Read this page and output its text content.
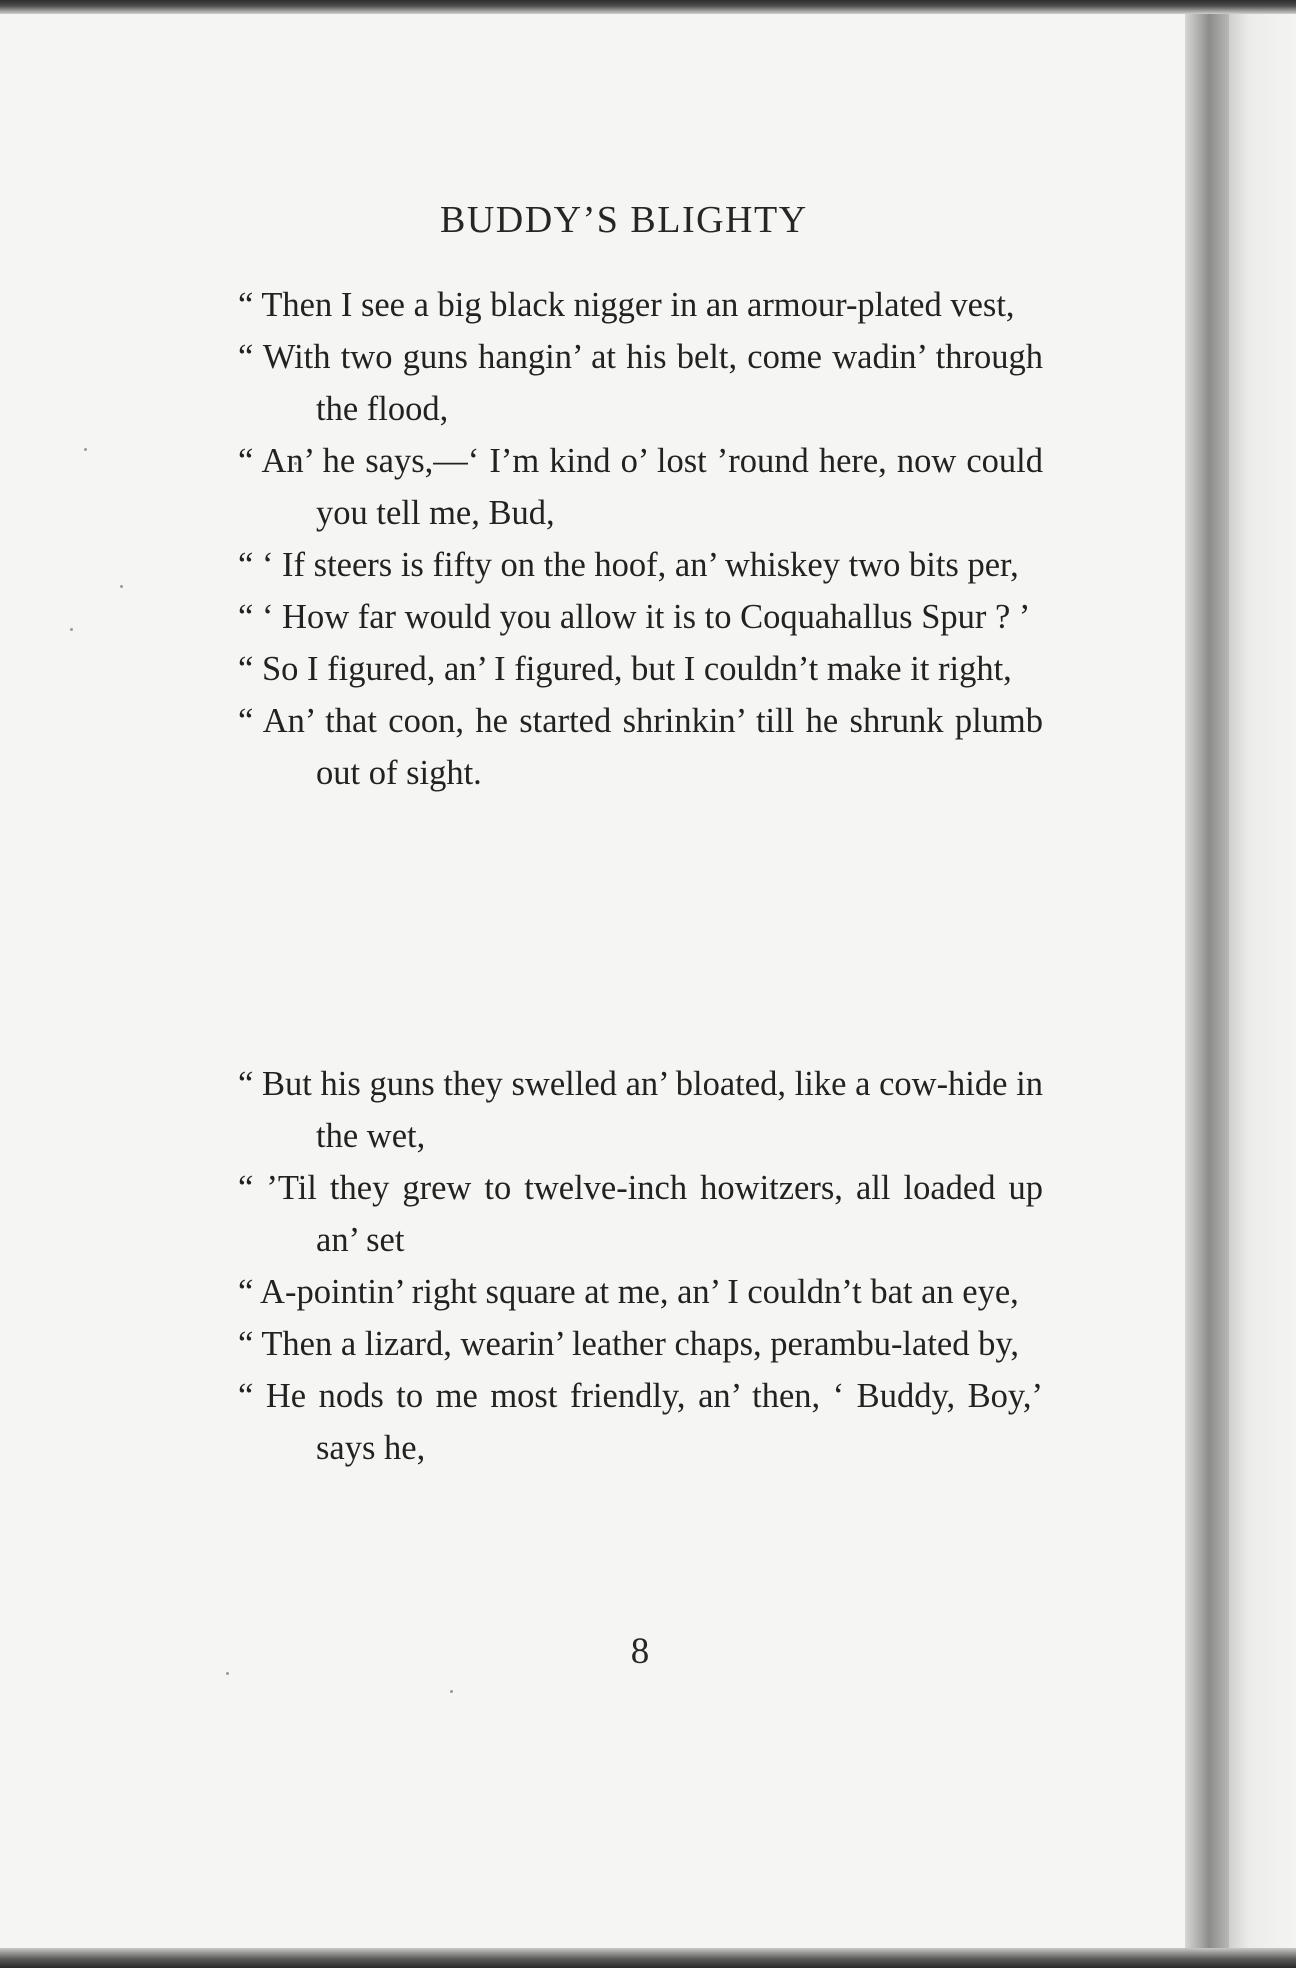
BUDDY’S BLIGHTY

“ Then I see a big black nigger in an armour-plated vest,

“ With two guns hangin’ at his belt, come wadin’ through the flood,

“ An’ he says,—‘ I’m kind o’ lost ’round here, now could you tell me, Bud,

“ ‘ If steers is fifty on the hoof, an’ whiskey two bits per,

“ ‘ How far would you allow it is to Coquahallus Spur ? ’

“ So I figured, an’ I figured, but I couldn’t make it right,

“ An’ that coon, he started shrinkin’ till he shrunk plumb out of sight.

“ But his guns they swelled an’ bloated, like a cow-hide in the wet,

“ ’Til they grew to twelve-inch howitzers, all loaded up an’ set

“ A-pointin’ right square at me, an’ I couldn’t bat an eye,

“ Then a lizard, wearin’ leather chaps, perambu-lated by,

“ He nods to me most friendly, an’ then, ‘ Buddy, Boy,’ says he,

8
